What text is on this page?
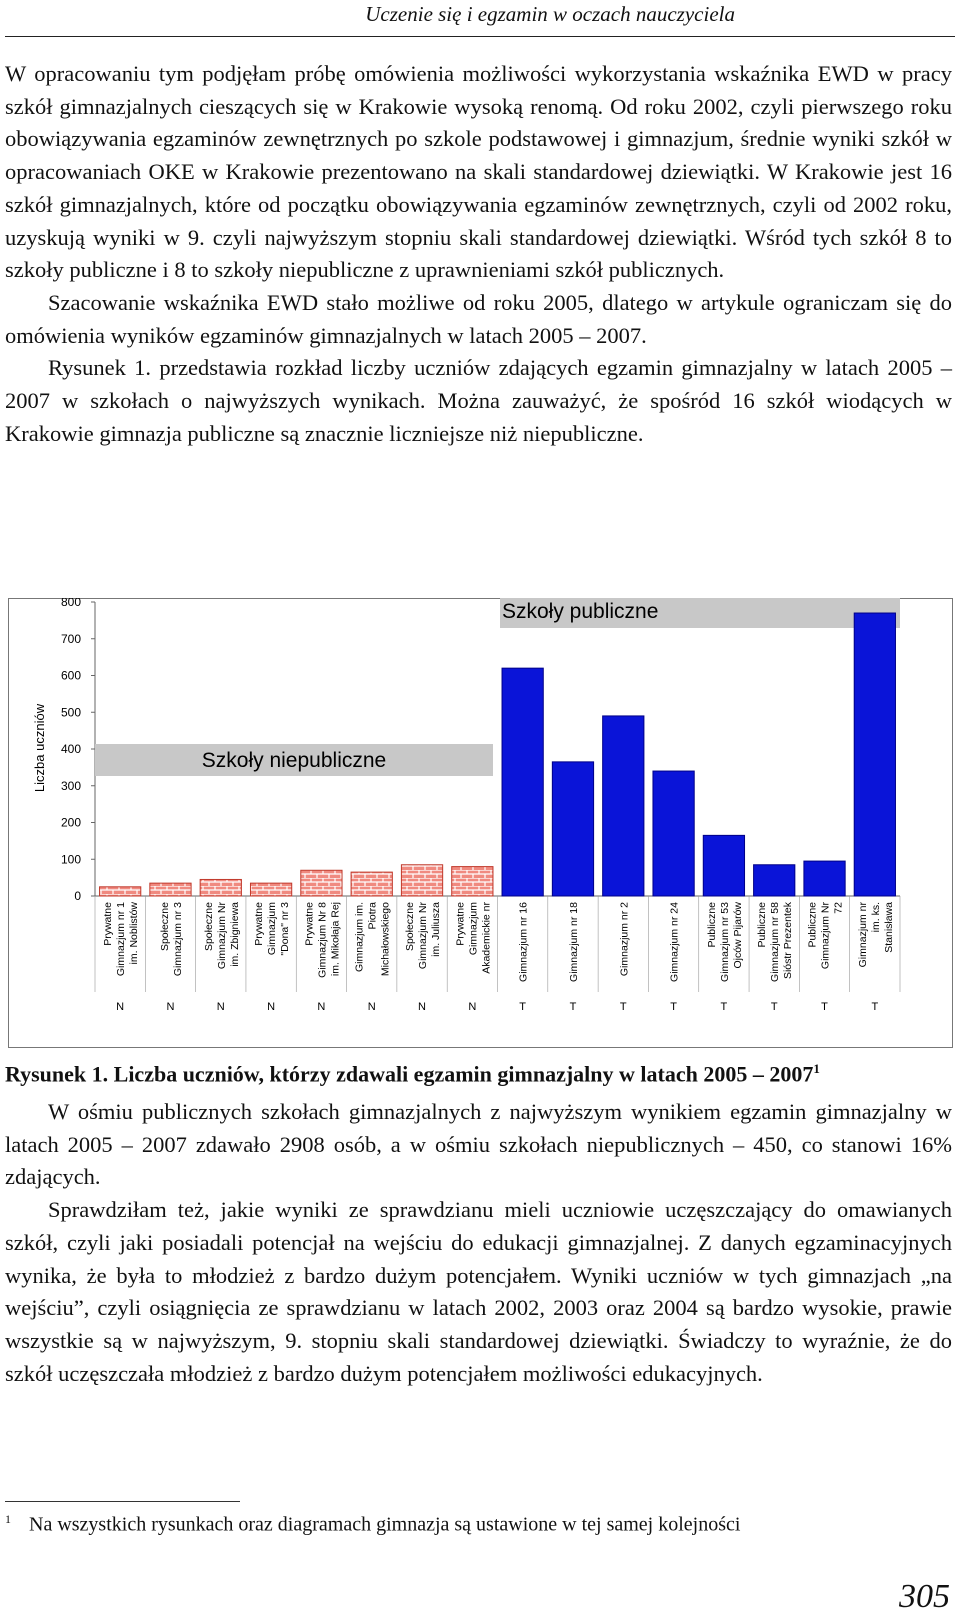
Uczenie się i egzamin w oczach nauczyciela

W opracowaniu tym podjęłam próbę omówienia możliwości wykorzystania wskaźnika EWD w pracy szkół gimnazjalnych cieszących się w Krakowie wysoką renomą. Od roku 2002, czyli pierwszego roku obowiązywania egzaminów zewnętrznych po szkole podstawowej i gimnazjum, średnie wyniki szkół w opracowaniach OKE w Krakowie prezentowano na skali standardowej dziewiątki. W Krakowie jest 16 szkół gimnazjalnych, które od początku obowiązywania egzaminów zewnętrznych, czyli od 2002 roku, uzyskują wyniki w 9. czyli najwyższym stopniu skali standardowej dziewiątki. Wśród tych szkół 8 to szkoły publiczne i 8 to szkoły niepubliczne z uprawnieniami szkół publicznych.

Szacowanie wskaźnika EWD stało możliwe od roku 2005, dlatego w artykule ograniczam się do omówienia wyników egzaminów gimnazjalnych w latach 2005 – 2007.

Rysunek 1. przedstawia rozkład liczby uczniów zdających egzamin gimnazjalny w latach 2005 – 2007 w szkołach o najwyższych wynikach. Można zauważyć, że spośród 16 szkół wiodących w Krakowie gimnazja publiczne są znacznie liczniejsze niż niepubliczne.

800
700
600
500
400
300
200
100
0
Liczba uczniów	Szkoły niepubliczne
Szkoły publiczne
Prywatne Gimnazjum nr 1 im. Noblistów
N
Społeczne Gimnazjum nr 3
N
Społeczne Gimnazjum Nr im. Zbigniewa
N
Prywatne Gimnazjum "Dona" nr 3
N
Prywatne Gimnazjum Nr 8 im. Mikołaja Rej
N
Gimnazjum im. Piotra Michałowskiego
N
Społeczne Gimnazjum Nr im. Juliusza
N
Prywatne Gimnazjum Akademickie nr
N
Gimnazjum nr 16
T
Gimnazjum nr 18
T
Gimnazjum nr 2
T
Gimnazjum nr 24
T
Publiczne Gimnazjum nr 53 Ojców Pijarów
T
Publiczne Gimnazjum nr 58 Sióstr Prezentek
T
Publiczne Gimnazjum Nr 72
T
Gimnazjum nr im. ks. Stanisława
T
Rysunek 1. Liczba uczniów, którzy zdawali egzamin gimnazjalny w latach 2005 – 2007$^1$

W ośmiu publicznych szkołach gimnazjalnych z najwyższym wynikiem egzamin gimnazjalny w latach 2005 – 2007 zdawało 2908 osób, a w ośmiu szkołach niepublicznych – 450, co stanowi 16% zdających.

Sprawdziłam też, jakie wyniki ze sprawdzianu mieli uczniowie uczęszczający do omawianych szkół, czyli jaki posiadali potencjał na wejściu do edukacji gimnazjalnej. Z danych egzaminacyjnych wynika, że była to młodzież z bardzo dużym potencjałem. Wyniki uczniów w tych gimnazjach „na wejściu”, czyli osiągnięcia ze sprawdzianu w latach 2002, 2003 oraz 2004 są bardzo wysokie, prawie wszystkie są w najwyższym, 9. stopniu skali standardowej dziewiątki. Świadczy to wyraźnie, że do szkół uczęszczała młodzież z bardzo dużym potencjałem możliwości edukacyjnych.

$^1$ Na wszystkich rysunkach oraz diagramach gimnazja są ustawione w tej samej kolejności
305
